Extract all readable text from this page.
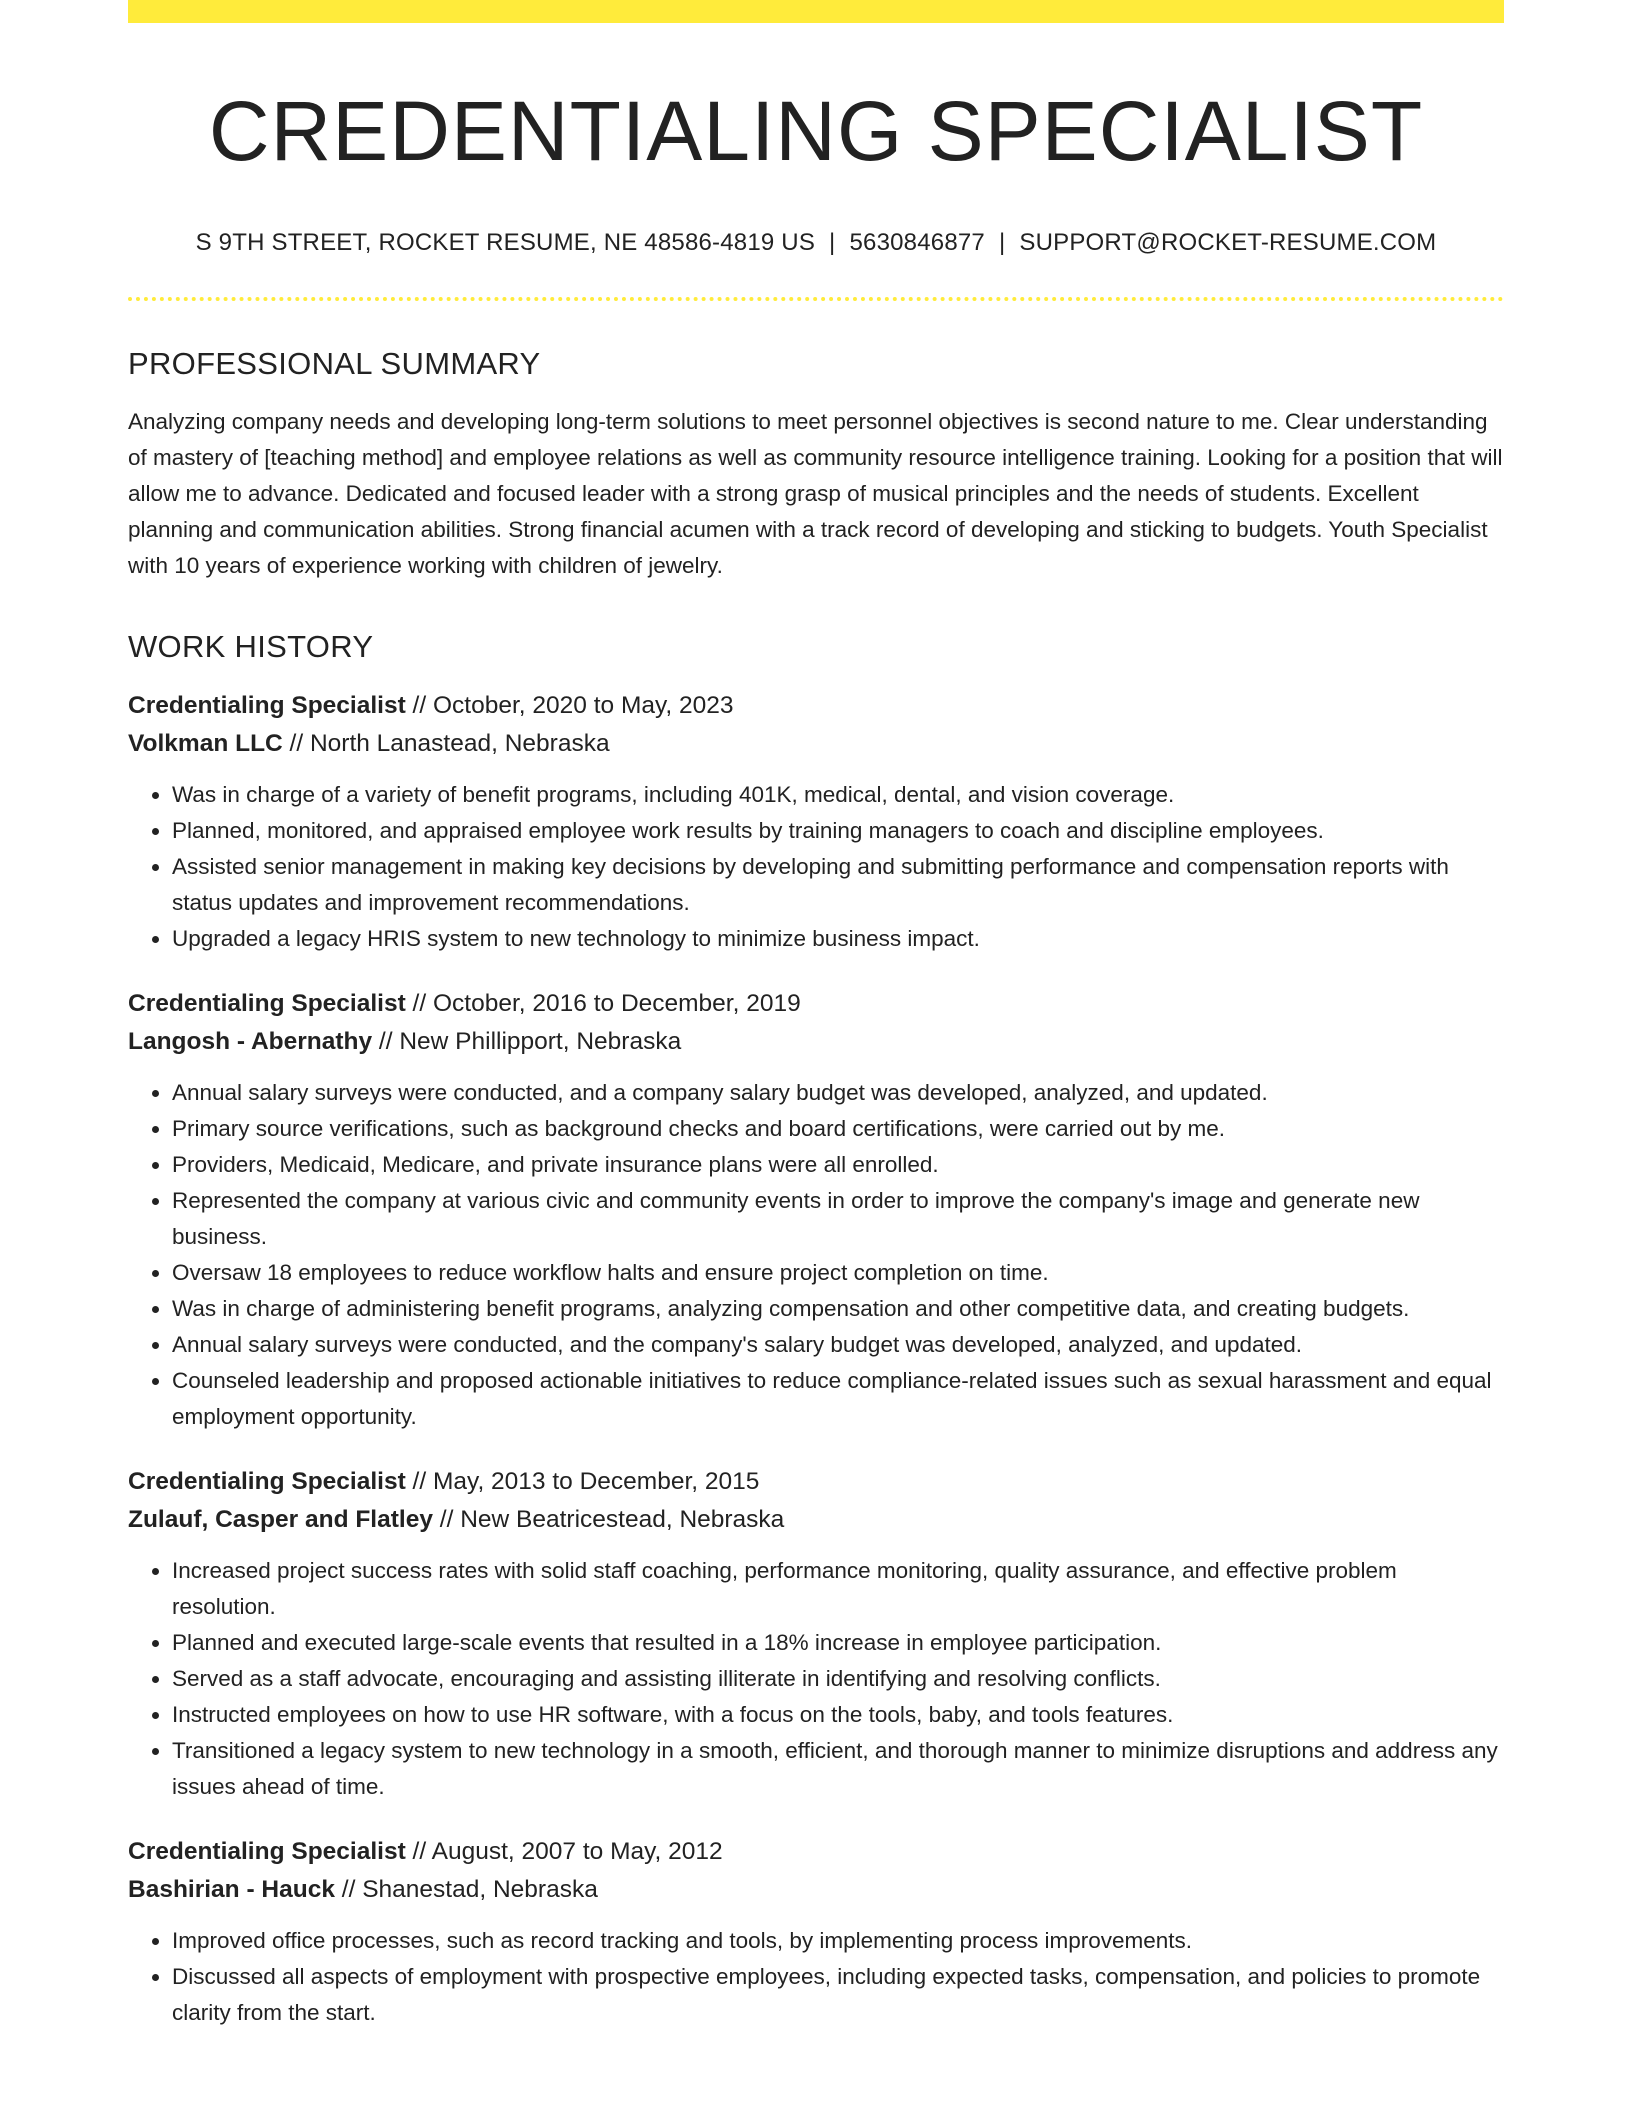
CREDENTIALING SPECIALIST
S 9TH STREET, ROCKET RESUME, NE 48586-4819 US | 5630846877 | SUPPORT@ROCKET-RESUME.COM
PROFESSIONAL SUMMARY

Analyzing company needs and developing long-term solutions to meet personnel objectives is second nature to me. Clear understanding of mastery of [teaching method] and employee relations as well as community resource intelligence training. Looking for a position that will allow me to advance. Dedicated and focused leader with a strong grasp of musical principles and the needs of students. Excellent planning and communication abilities. Strong financial acumen with a track record of developing and sticking to budgets. Youth Specialist with 10 years of experience working with children of jewelry.

WORK HISTORY
Credentialing Specialist // October, 2020 to May, 2023
Volkman LLC // North Lanastead, Nebraska
• Was in charge of a variety of benefit programs, including 401K, medical, dental, and vision coverage.
• Planned, monitored, and appraised employee work results by training managers to coach and discipline employees.
• Assisted senior management in making key decisions by developing and submitting performance and compensation reports with status updates and improvement recommendations.
• Upgraded a legacy HRIS system to new technology to minimize business impact.
Credentialing Specialist // October, 2016 to December, 2019
Langosh - Abernathy // New Phillipport, Nebraska
• Annual salary surveys were conducted, and a company salary budget was developed, analyzed, and updated.
• Primary source verifications, such as background checks and board certifications, were carried out by me.
• Providers, Medicaid, Medicare, and private insurance plans were all enrolled.
• Represented the company at various civic and community events in order to improve the company's image and generate new business.
• Oversaw 18 employees to reduce workflow halts and ensure project completion on time.
• Was in charge of administering benefit programs, analyzing compensation and other competitive data, and creating budgets.
• Annual salary surveys were conducted, and the company's salary budget was developed, analyzed, and updated.
• Counseled leadership and proposed actionable initiatives to reduce compliance-related issues such as sexual harassment and equal employment opportunity.
Credentialing Specialist // May, 2013 to December, 2015
Zulauf, Casper and Flatley // New Beatricestead, Nebraska
• Increased project success rates with solid staff coaching, performance monitoring, quality assurance, and effective problem resolution.
• Planned and executed large-scale events that resulted in a 18% increase in employee participation.
• Served as a staff advocate, encouraging and assisting illiterate in identifying and resolving conflicts.
• Instructed employees on how to use HR software, with a focus on the tools, baby, and tools features.
• Transitioned a legacy system to new technology in a smooth, efficient, and thorough manner to minimize disruptions and address any issues ahead of time.
Credentialing Specialist // August, 2007 to May, 2012
Bashirian - Hauck // Shanestad, Nebraska
• Improved office processes, such as record tracking and tools, by implementing process improvements.
• Discussed all aspects of employment with prospective employees, including expected tasks, compensation, and policies to promote clarity from the start.
